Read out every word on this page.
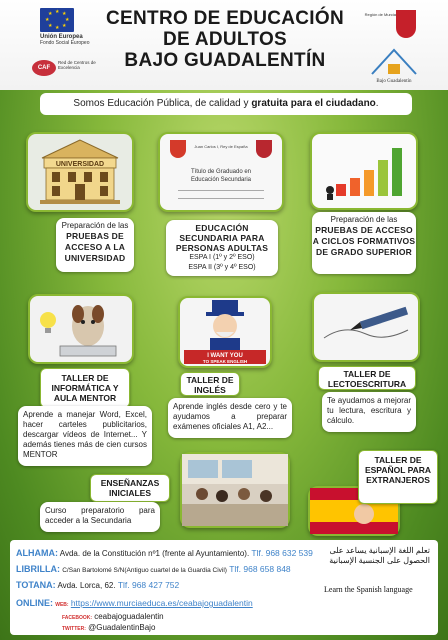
★ ★
★
★
★
★
★
★
Unión Europea
Fondo Social Europeo
CAF
Red de Centros de Excelencia
CENTRO DE EDUCACIÓN
DE ADULTOS
BAJO GUADALENTÍN
Región de Murcia
Bajo Guadalentín
Somos Educación Pública, de calidad y gratuita para el ciudadano.
UNIVERSIDAD
Preparación de las
PRUEBAS DE ACCESO A LA UNIVERSIDAD
Juan Carlos I, Rey de España
Título de Graduado en Educación Secundaria
EDUCACIÓN SECUNDARIA PARA PERSONAS ADULTAS
ESPA I (1º y 2º ESO)
ESPA II (3º y 4º ESO)
Preparación de las
PRUEBAS DE ACCESO A CICLOS FORMATIVOS DE GRADO SUPERIOR
TALLER DE INFORMÁTICA Y AULA MENTOR
Aprende a manejar Word, Excel, hacer carteles publicitarios, descargar vídeos de Internet... Y además tienes más de cien cursos MENTOR
I WANT YOU
TO SPEAK ENGLISH
TALLER DE INGLÉS
Aprende inglés desde cero y te ayudamos a preparar exámenes oficiales A1, A2...
TALLER DE LECTOESCRITURA
Te ayudamos a mejorar tu lectura, escritura y cálculo.
ENSEÑANZAS INICIALES
Curso preparatorio para acceder a la Secundaria
TALLER DE ESPAÑOL PARA EXTRANJEROS
ALHAMA: Avda. de la Constitución nº1 (frente al Ayuntamiento). Tlf. 968 632 539
LIBRILLA: C/San Bartolomé S/N(Antiguo cuartel de la Guardia Civil) Tlf. 968 658 848
TOTANA: Avda. Lorca, 62. Tlf. 968 427 752
ONLINE: WEB: https://www.murciaeduca.es/ceabajoguadalentin
FACEBOOK: ceabajoguadalentin
TWITTER: @GuadalentinBajo
تعلم اللغة الإسبانية يساعد على الحصول على الجنسية الإسبانية
Learn the Spanish language
